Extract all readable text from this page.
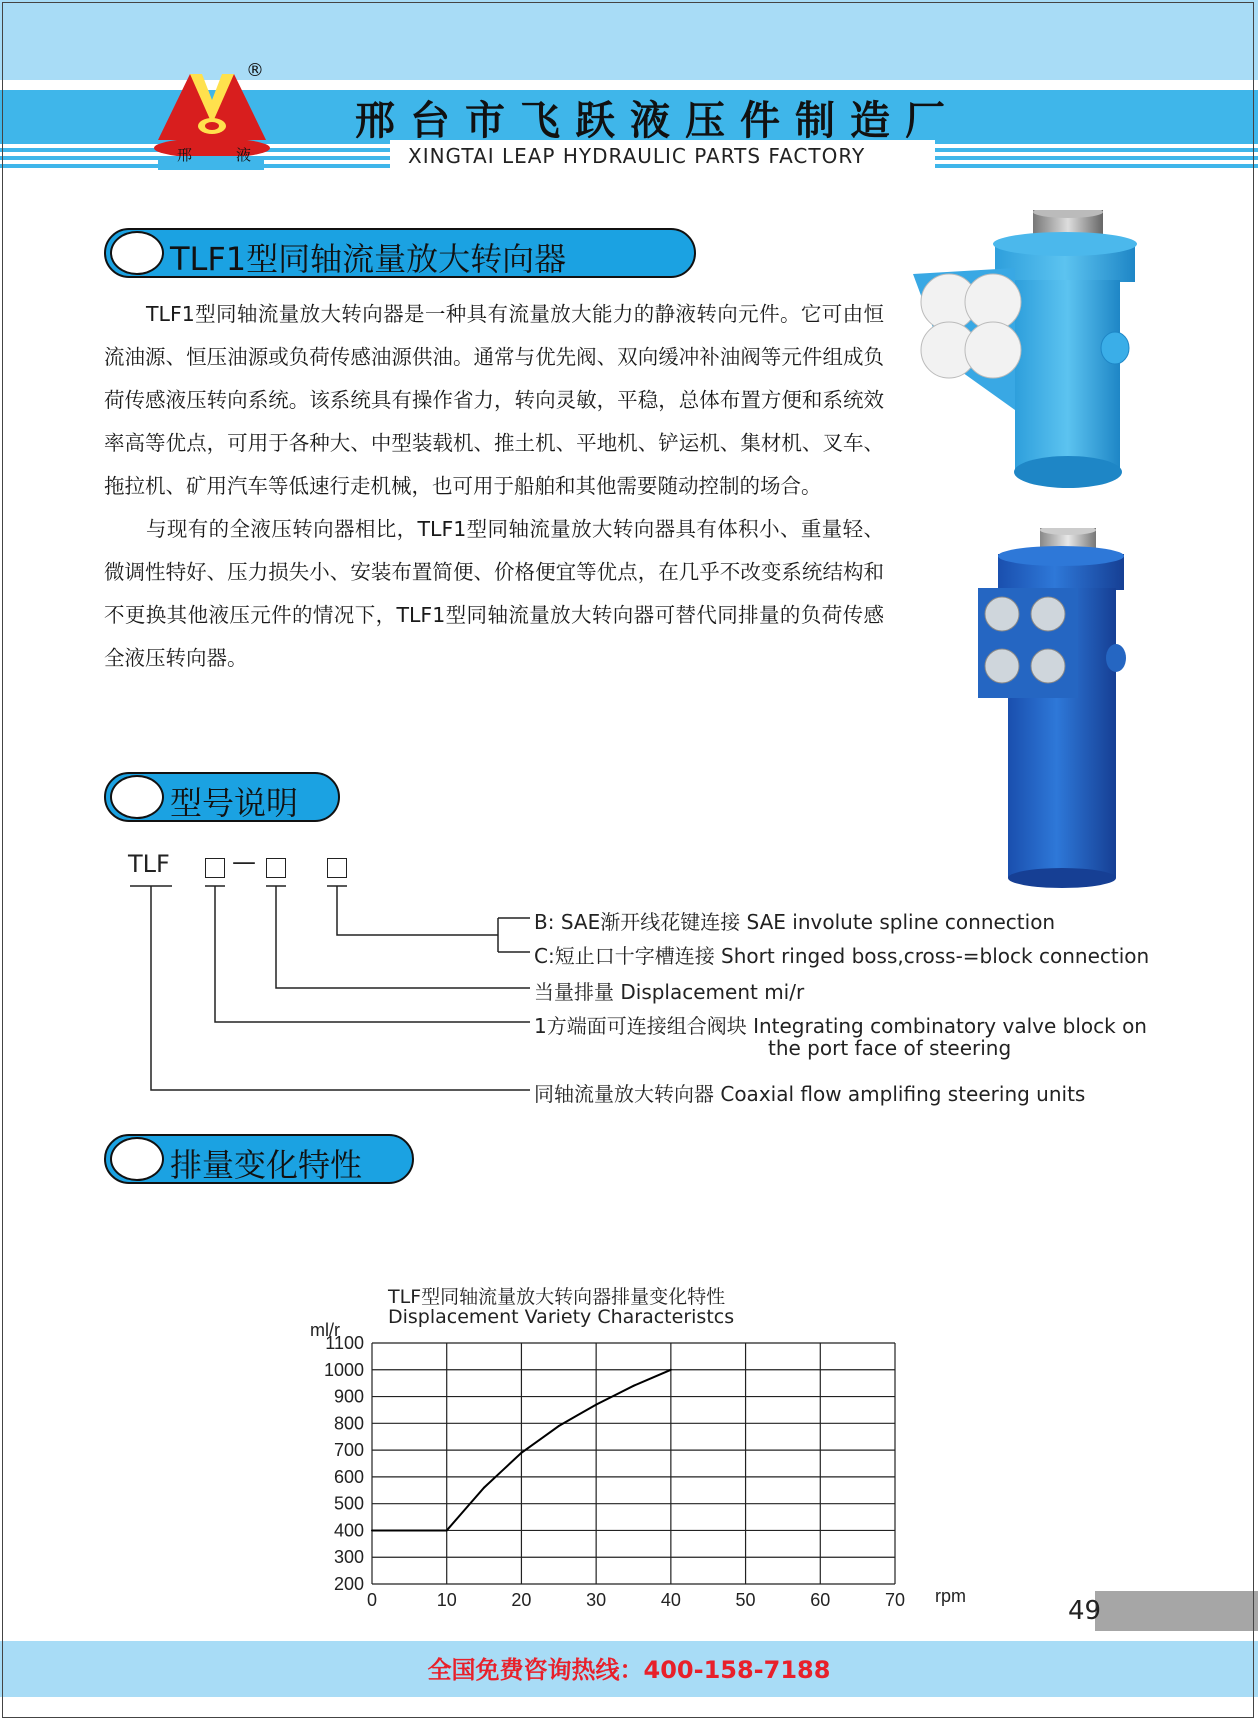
®
邢	液
邢台市飞跃液压件制造厂
XINGTAI LEAP HYDRAULIC PARTS FACTORY
TLF1型同轴流量放大转向器

TLF1型同轴流量放大转向器是一种具有流量放大能力的静液转向元件。它可由恒流油源、恒压油源或负荷传感油源供油。通常与优先阀、双向缓冲补油阀等元件组成负荷传感液压转向系统。该系统具有操作省力，转向灵敏，平稳，总体布置方便和系统效率高等优点，可用于各种大、中型装载机、推土机、平地机、铲运机、集材机、叉车、拖拉机、矿用汽车等低速行走机械，也可用于船舶和其他需要随动控制的场合。

与现有的全液压转向器相比，TLF1型同轴流量放大转向器具有体积小、重量轻、微调性特好、压力损失小、安装布置简便、价格便宜等优点，在几乎不改变系统结构和不更换其他液压元件的情况下，TLF1型同轴流量放大转向器可替代同排量的负荷传感全液压转向器。

型号说明
TLF	—
B: SAE渐开线花键连接 SAE involute spline connection
C:短止口十字槽连接 Short ringed boss,cross-=block connection
当量排量 Displacement mi/r
1方端面可连接组合阀块 Integrating combinatory valve block on
the port face of steering
同轴流量放大转向器 Coaxial flow amplifing steering units
排量变化特性
TLF型同轴流量放大转向器排量变化特性
Displacement Variety Characteristcs
0	10	20	30	40	50	60	70
200
300
400
500
600
700
800
900
1000
1100
ml/r
rpm	49
全国免费咨询热线：400-158-7188
